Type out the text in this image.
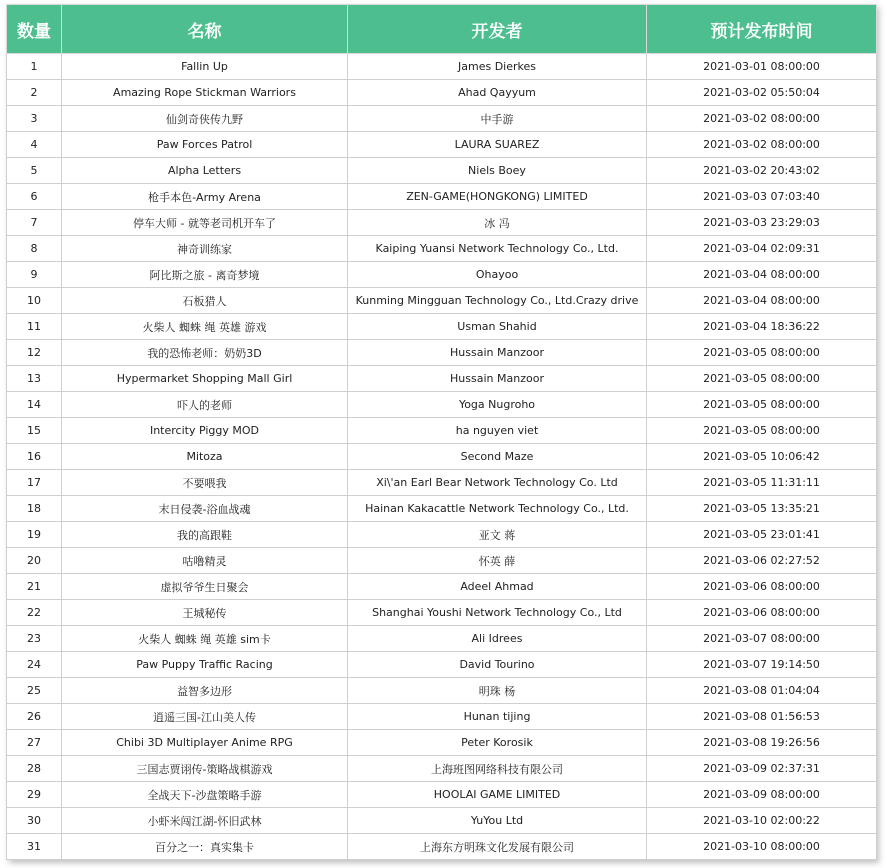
数量	名称	开发者	预计发布时间
1	Fallin Up	James Dierkes	2021-03-01 08:00:00
2	Amazing Rope Stickman Warriors	Ahad Qayyum	2021-03-02 05:50:04
3	仙剑奇侠传九野	中手游	2021-03-02 08:00:00
4	Paw Forces Patrol	LAURA SUAREZ	2021-03-02 08:00:00
5	Alpha Letters	Niels Boey	2021-03-02 20:43:02
6	枪手本色-Army Arena	ZEN-GAME(HONGKONG) LIMITED	2021-03-03 07:03:40
7	停车大师 - 就等老司机开车了	冰 冯	2021-03-03 23:29:03
8	神奇训练家	Kaiping Yuansi Network Technology Co., Ltd.	2021-03-04 02:09:31
9	阿比斯之旅 - 离奇梦境	Ohayoo	2021-03-04 08:00:00
10	石板猎人	Kunming Mingguan Technology Co., Ltd.Crazy drive	2021-03-04 08:00:00
11	火柴人 蜘蛛 绳 英雄 游戏	Usman Shahid	2021-03-04 18:36:22
12	我的恐怖老师：奶奶3D	Hussain Manzoor	2021-03-05 08:00:00
13	Hypermarket Shopping Mall Girl	Hussain Manzoor	2021-03-05 08:00:00
14	吓人的老师	Yoga Nugroho	2021-03-05 08:00:00
15	Intercity Piggy MOD	ha nguyen viet	2021-03-05 08:00:00
16	Mitoza	Second Maze	2021-03-05 10:06:42
17	不要喂我	Xi\'an Earl Bear Network Technology Co. Ltd	2021-03-05 11:31:11
18	末日侵袭-浴血战魂	Hainan Kakacattle Network Technology Co., Ltd.	2021-03-05 13:35:21
19	我的高跟鞋	亚文 蒋	2021-03-05 23:01:41
20	咕噜精灵	怀英 薛	2021-03-06 02:27:52
21	虚拟爷爷生日聚会	Adeel Ahmad	2021-03-06 08:00:00
22	王城秘传	Shanghai Youshi Network Technology Co., Ltd	2021-03-06 08:00:00
23	火柴人 蜘蛛 绳 英雄 sim卡	Ali Idrees	2021-03-07 08:00:00
24	Paw Puppy Traffic Racing	David Tourino	2021-03-07 19:14:50
25	益智多边形	明珠 杨	2021-03-08 01:04:04
26	逍遥三国-江山美人传	Hunan tijing	2021-03-08 01:56:53
27	Chibi 3D Multiplayer Anime RPG	Peter Korosik	2021-03-08 19:26:56
28	三国志贾诩传-策略战棋游戏	上海班图网络科技有限公司	2021-03-09 02:37:31
29	全战天下-沙盘策略手游	HOOLAI GAME LIMITED	2021-03-09 08:00:00
30	小虾米闯江湖-怀旧武林	YuYou Ltd	2021-03-10 02:00:22
31	百分之一：真实集卡	上海东方明珠文化发展有限公司	2021-03-10 08:00:00
